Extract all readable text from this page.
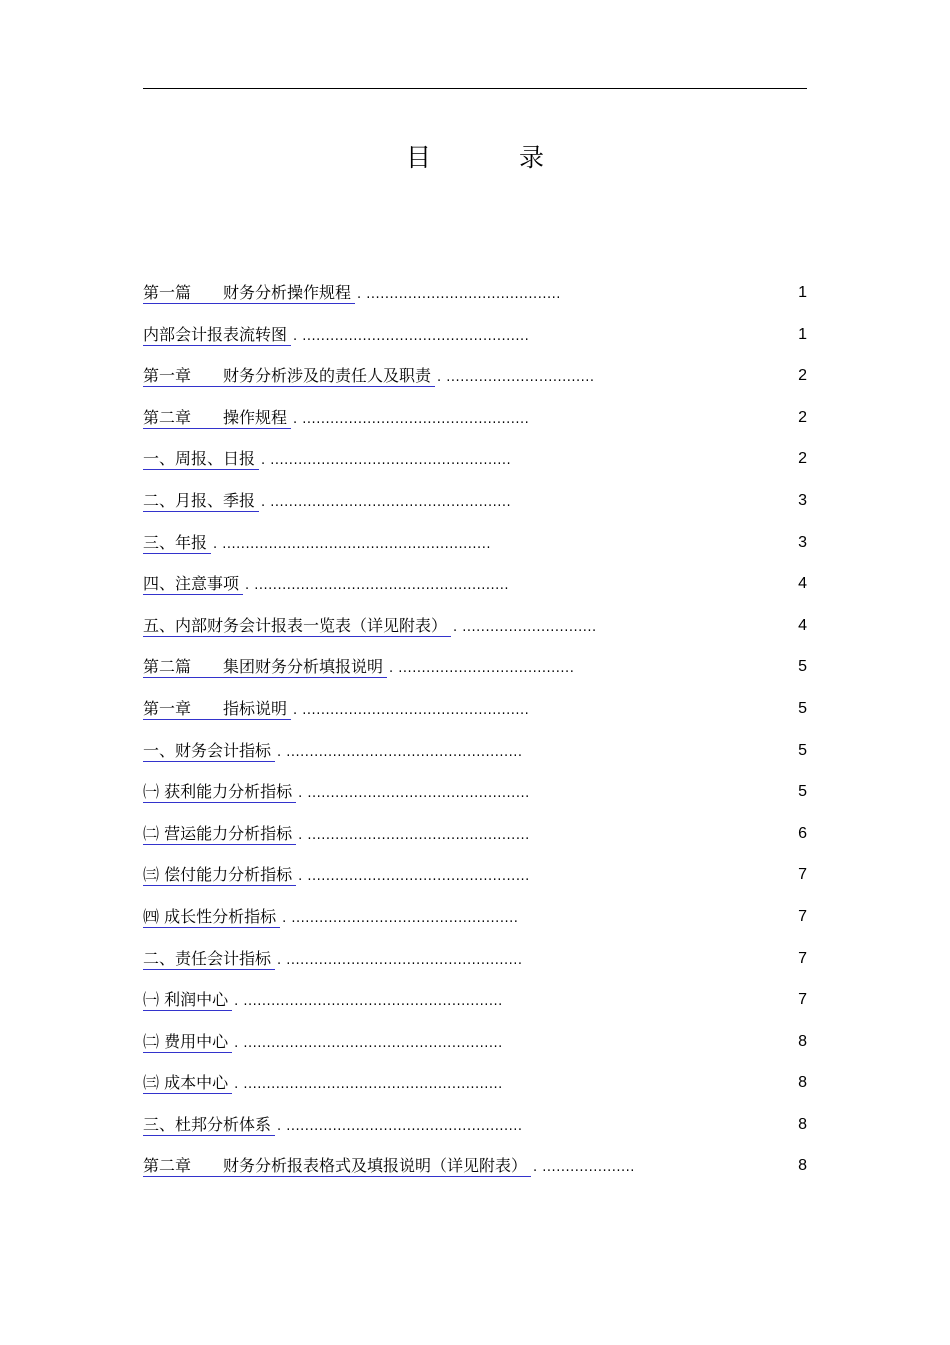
目 录
第一篇 财务分析操作规程 . ..........................................	1
内部会计报表流转图 . .................................................	1
第一章 财务分析涉及的责任人及职责 . ................................	2
第二章 操作规程 . .................................................	2
一、周报、日报 . ....................................................	2
二、月报、季报 . ....................................................	3
三、年报 . ..........................................................	3
四、注意事项 . .......................................................	4
五、内部财务会计报表一览表（详见附表） . .............................	4
第二篇 集团财务分析填报说明 . ......................................	5
第一章 指标说明 . .................................................	5
一、财务会计指标 . ...................................................	5
㈠ 获利能力分析指标 . ................................................	5
㈡ 营运能力分析指标 . ................................................	6
㈢ 偿付能力分析指标 . ................................................	7
㈣ 成长性分析指标 . .................................................	7
二、责任会计指标 . ...................................................	7
㈠ 利润中心 . ........................................................	7
㈡ 费用中心 . ........................................................	8
㈢ 成本中心 . ........................................................	8
三、杜邦分析体系 . ...................................................	8
第二章 财务分析报表格式及填报说明（详见附表） . ....................	8
